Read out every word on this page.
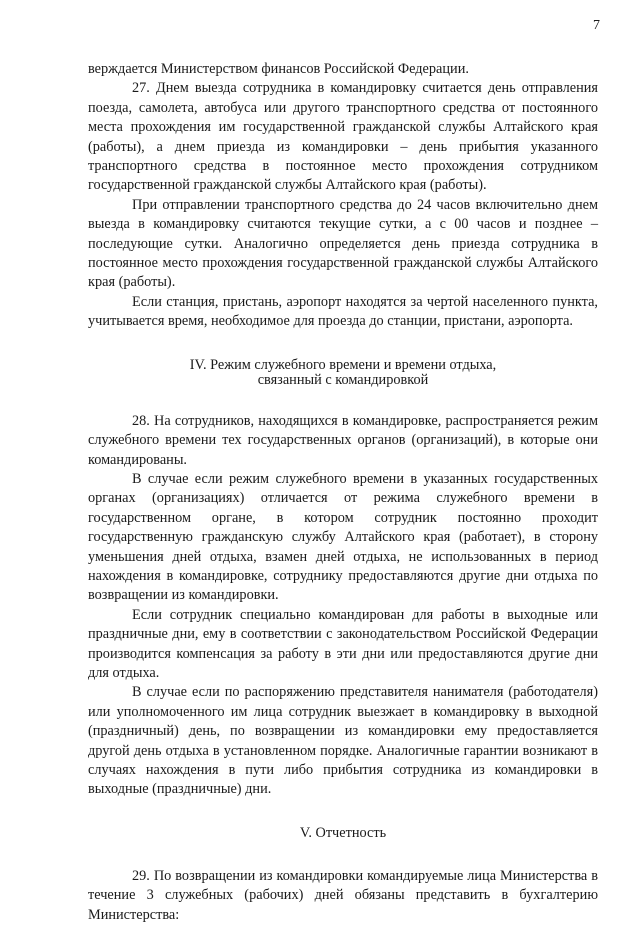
7

верждается Министерством финансов Российской Федерации.

27. Днем выезда сотрудника в командировку считается день отправления поезда, самолета, автобуса или другого транспортного средства от постоянного места прохождения им государственной гражданской службы Алтайского края (работы), а днем приезда из командировки – день прибытия указанного транспортного средства в постоянное место прохождения сотрудником государственной гражданской службы Алтайского края (работы).

При отправлении транспортного средства до 24 часов включительно днем выезда в командировку считаются текущие сутки, а с 00 часов и позднее – последующие сутки. Аналогично определяется день приезда сотрудника в постоянное место прохождения государственной гражданской службы Алтайского края (работы).

Если станция, пристань, аэропорт находятся за чертой населенного пункта, учитывается время, необходимое для проезда до станции, пристани, аэропорта.

IV. Режим служебного времени и времени отдыха,
связанный с командировкой

28. На сотрудников, находящихся в командировке, распространяется режим служебного времени тех государственных органов (организаций), в которые они командированы.

В случае если режим служебного времени в указанных государственных органах (организациях) отличается от режима служебного времени в государственном органе, в котором сотрудник постоянно проходит государственную гражданскую службу Алтайского края (работает), в сторону уменьшения дней отдыха, взамен дней отдыха, не использованных в период нахождения в командировке, сотруднику предоставляются другие дни отдыха по возвращении из командировки.

Если сотрудник специально командирован для работы в выходные или праздничные дни, ему в соответствии с законодательством Российской Федерации производится компенсация за работу в эти дни или предоставляются другие дни для отдыха.

В случае если по распоряжению представителя нанимателя (работодателя) или уполномоченного им лица сотрудник выезжает в командировку в выходной (праздничный) день, по возвращении из командировки ему предоставляется другой день отдыха в установленном порядке. Аналогичные гарантии возникают в случаях нахождения в пути либо прибытия сотрудника из командировки в выходные (праздничные) дни.

V. Отчетность

29. По возвращении из командировки командируемые лица Министерства в течение 3 служебных (рабочих) дней обязаны представить в бухгалтерию Министерства:
